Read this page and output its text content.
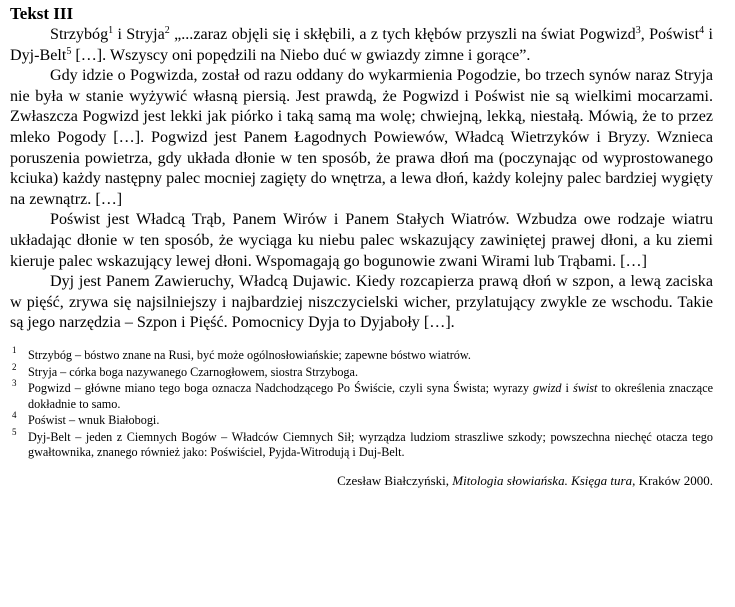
Tekst III

Strzybóg$^1$ i Stryja$^2$ „...zaraz objęli się i skłębili, a z tych kłębów przyszli na świat Pogwizd$^3$, Poświst$^4$ i Dyj-Belt$^5$ […]. Wszyscy oni popędzili na Niebo duć w gwiazdy zimne i gorące”.

Gdy idzie o Pogwizda, został od razu oddany do wykarmienia Pogodzie, bo trzech synów naraz Stryja nie była w stanie wyżywić własną piersią. Jest prawdą, że Pogwizd i Poświst nie są wielkimi mocarzami. Zwłaszcza Pogwizd jest lekki jak piórko i taką samą ma wolę; chwiejną, lekką, niestałą. Mówią, że to przez mleko Pogody […]. Pogwizd jest Panem Łagodnych Powiewów, Władcą Wietrzyków i Bryzy. Wznieca poruszenia powietrza, gdy układa dłonie w ten sposób, że prawa dłoń ma (poczynając od wyprostowanego kciuka) każdy następny palec mocniej zagięty do wnętrza, a lewa dłoń, każdy kolejny palec bardziej wygięty na zewnątrz. […]

Poświst jest Władcą Trąb, Panem Wirów i Panem Stałych Wiatrów. Wzbudza owe rodzaje wiatru układając dłonie w ten sposób, że wyciąga ku niebu palec wskazujący zawiniętej prawej dłoni, a ku ziemi kieruje palec wskazujący lewej dłoni. Wspomagają go bogunowie zwani Wirami lub Trąbami. […]

Dyj jest Panem Zawieruchy, Władcą Dujawic. Kiedy rozcapierza prawą dłoń w szpon, a lewą zaciska w pięść, zrywa się najsilniejszy i najbardziej niszczycielski wicher, przylatujący zwykle ze wschodu. Takie są jego narzędzia – Szpon i Pięść. Pomocnicy Dyja to Dyjaboły […].

1 Strzybóg – bóstwo znane na Rusi, być może ogólnosłowiańskie; zapewne bóstwo wiatrów.
2 Stryja – córka boga nazywanego Czarnogłowem, siostra Strzyboga.
3 Pogwizd – główne miano tego boga oznacza Nadchodzącego Po Świście, czyli syna Śwista; wyrazy gwizd i świst to określenia znaczące dokładnie to samo.
4 Poświst – wnuk Białobogi.
5 Dyj-Belt – jeden z Ciemnych Bogów – Władców Ciemnych Sił; wyrządza ludziom straszliwe szkody; powszechna niechęć otacza tego gwałtownika, znanego również jako: Poświściel, Pyjda-Witrodują i Duj-Belt.
Czesław Białczyński, Mitologia słowiańska. Księga tura, Kraków 2000.
